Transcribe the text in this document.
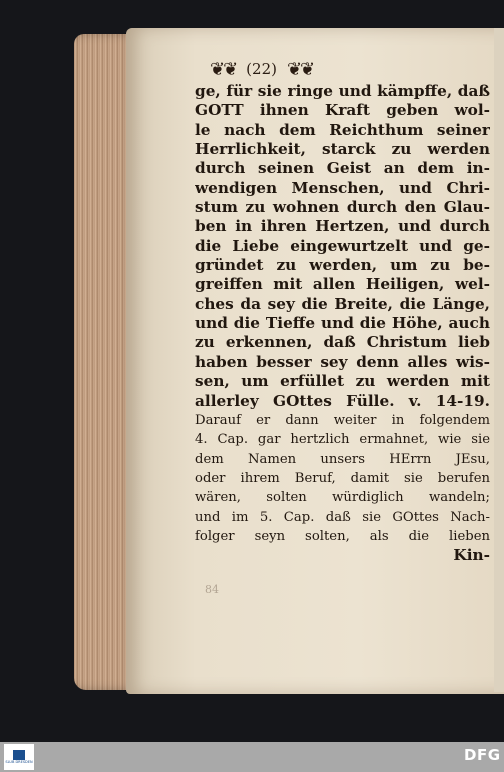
❦❦ (22) ❦❦
ge, für sie ringe und kämpffe, daß
GOTT ihnen Kraft geben wol-
le nach dem Reichthum seiner
Herrlichkeit, starck zu werden
durch seinen Geist an dem in-
wendigen Menschen, und Chri-
stum zu wohnen durch den Glau-
ben in ihren Hertzen, und durch
die Liebe eingewurtzelt und ge-
gründet zu werden, um zu be-
greiffen mit allen Heiligen, wel-
ches da sey die Breite, die Länge,
und die Tieffe und die Höhe, auch
zu erkennen, daß Christum lieb
haben besser sey denn alles wis-
sen, um erfüllet zu werden mit
allerley GOttes Fülle. v. 14-19.
Darauf er dann weiter in folgendem
4. Cap. gar hertzlich ermahnet, wie sie
dem Namen unsers HErrn JEsu,
oder ihrem Beruf, damit sie berufen
wären, solten würdiglich wandeln;
und im 5. Cap. daß sie GOttes Nach-
folger seyn solten, als die lieben
Kin-
84
SLUB DRESDEN	DFG
